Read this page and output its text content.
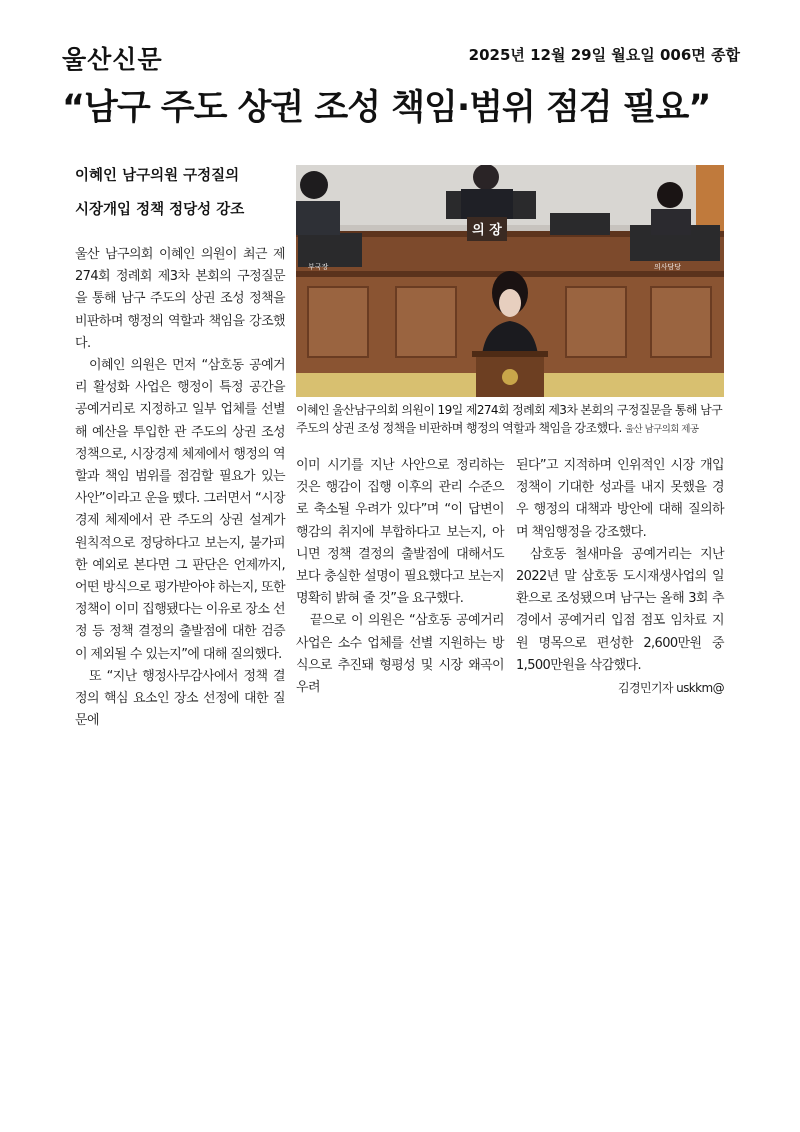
울산신문	2025년 12월 29일 월요일 006면 종합
“남구 주도 상권 조성 책임·범위 점검 필요”
이혜인 남구의원 구정질의
시장개입 정책 정당성 강조

울산 남구의회 이혜인 의원이 최근 제274회 정례회 제3차 본회의 구정질문을 통해 남구 주도의 상권 조성 정책을 비판하며 행정의 역할과 책임을 강조했다.

이혜인 의원은 먼저 “삼호동 공예거리 활성화 사업은 행정이 특정 공간을 공예거리로 지정하고 일부 업체를 선별해 예산을 투입한 관 주도의 상권 조성 정책으로, 시장경제 체제에서 행정의 역할과 책임 범위를 점검할 필요가 있는 사안”이라고 운을 뗐다. 그러면서 “시장경제 체제에서 관 주도의 상권 설계가 원칙적으로 정당하다고 보는지, 불가피한 예외로 본다면 그 판단은 언제까지, 어떤 방식으로 평가받아야 하는지, 또한 정책이 이미 집행됐다는 이유로 장소 선정 등 정책 결정의 출발점에 대한 검증이 제외될 수 있는지”에 대해 질의했다.

또 “지난 행정사무감사에서 정책 결정의 핵심 요소인 장소 선정에 대한 질문에

의 장
부국장	의사담당
이혜인 울산남구의회 의원이 19일 제274회 정례회 제3차 본회의 구정질문을 통해 남구 주도의 상권 조성 정책을 비판하며 행정의 역할과 책임을 강조했다. 울산 남구의회 제공

이미 시기를 지난 사안으로 정리하는 것은 행감이 집행 이후의 관리 수준으로 축소될 우려가 있다”며 “이 답변이 행감의 취지에 부합하다고 보는지, 아니면 정책 결정의 출발점에 대해서도 보다 충실한 설명이 필요했다고 보는지 명확히 밝혀 줄 것”을 요구했다.

끝으로 이 의원은 “삼호동 공예거리 사업은 소수 업체를 선별 지원하는 방식으로 추진돼 형평성 및 시장 왜곡이 우려

된다”고 지적하며 인위적인 시장 개입 정책이 기대한 성과를 내지 못했을 경우 행정의 대책과 방안에 대해 질의하며 책임행정을 강조했다.

삼호동 철새마을 공예거리는 지난 2022년 말 삼호동 도시재생사업의 일환으로 조성됐으며 남구는 올해 3회 추경에서 공예거리 입점 점포 임차료 지원 명목으로 편성한 2,600만원 중 1,500만원을 삭감했다.

김경민기자 uskkm@
